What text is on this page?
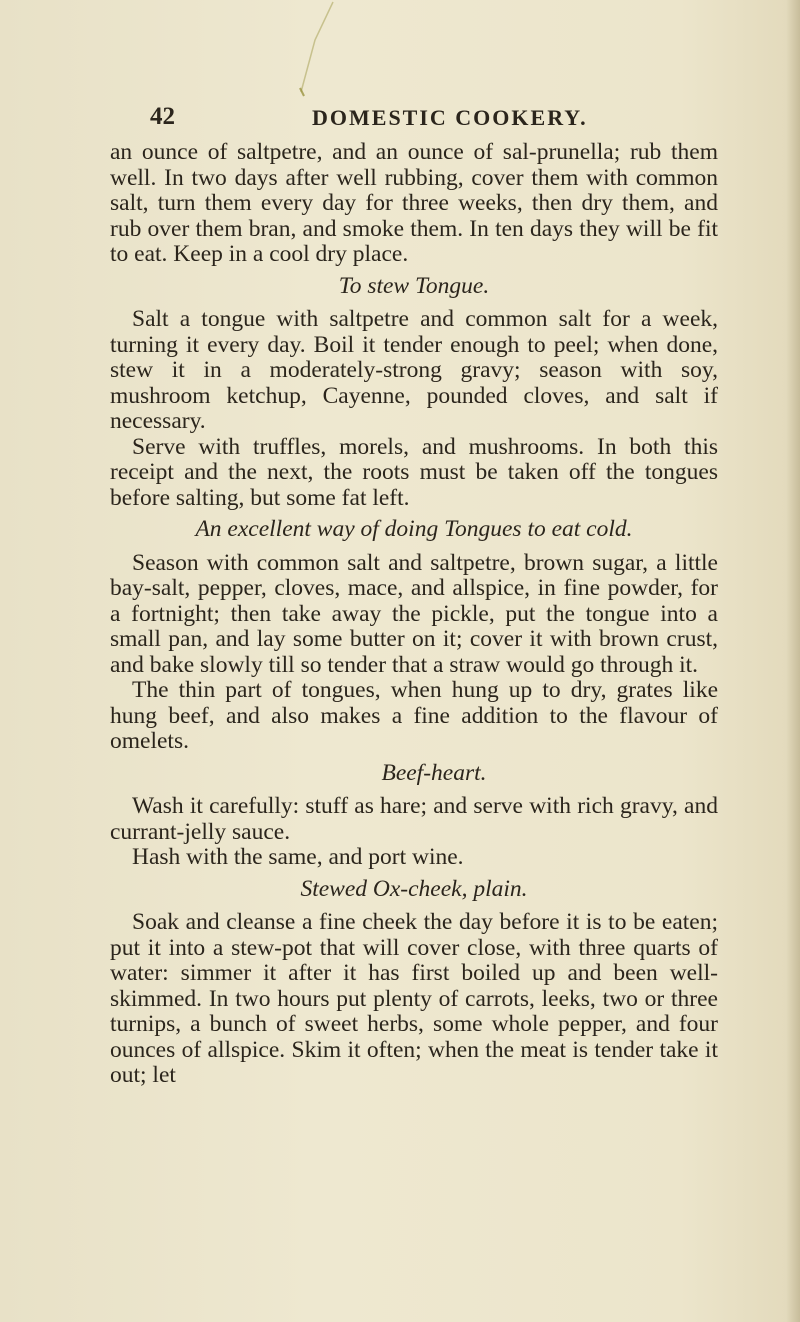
42	DOMESTIC COOKERY.

an ounce of saltpetre, and an ounce of sal-prunella; rub them well. In two days after well rubbing, cover them with common salt, turn them every day for three weeks, then dry them, and rub over them bran, and smoke them. In ten days they will be fit to eat. Keep in a cool dry place.

To stew Tongue.

Salt a tongue with saltpetre and common salt for a week, turning it every day. Boil it tender enough to peel; when done, stew it in a moderately-strong gravy; season with soy, mushroom ketchup, Cayenne, pounded cloves, and salt if necessary.

Serve with truffles, morels, and mushrooms. In both this receipt and the next, the roots must be taken off the tongues before salting, but some fat left.

An excellent way of doing Tongues to eat cold.

Season with common salt and saltpetre, brown sugar, a little bay-salt, pepper, cloves, mace, and allspice, in fine powder, for a fortnight; then take away the pickle, put the tongue into a small pan, and lay some butter on it; cover it with brown crust, and bake slowly till so tender that a straw would go through it.

The thin part of tongues, when hung up to dry, grates like hung beef, and also makes a fine addition to the flavour of omelets.

Beef-heart.

Wash it carefully: stuff as hare; and serve with rich gravy, and currant-jelly sauce.

Hash with the same, and port wine.

Stewed Ox-cheek, plain.

Soak and cleanse a fine cheek the day before it is to be eaten; put it into a stew-pot that will cover close, with three quarts of water: simmer it after it has first boiled up and been well-skimmed. In two hours put plenty of carrots, leeks, two or three turnips, a bunch of sweet herbs, some whole pepper, and four ounces of allspice. Skim it often; when the meat is tender take it out; let
